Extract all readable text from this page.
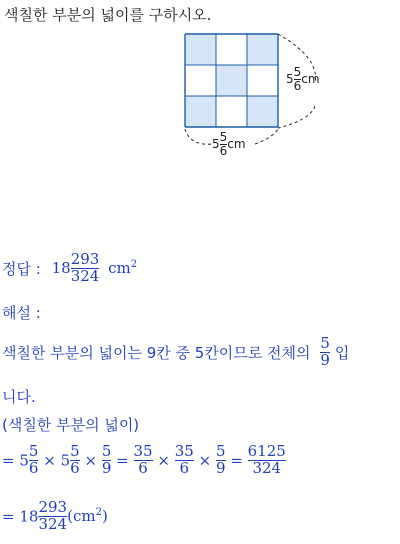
색칠한 부분의 넓이를 구하시오.
$5 \frac{5}{6}$ cm
$5 \frac{5}{6}$ cm
정답 : $18 \frac{293}{324} cm^2$
해설 :
색칠한 부분의 넓이는 9칸 중 5칸이므로 전체의 $\frac{5}{9}$ 입
니다.
(색칠한 부분의 넓이)
= $5 \frac{5}{6} \times 5 \frac{5}{6} \times \frac{5}{9} = \frac{35}{6} \times \frac{35}{6} \times \frac{5}{9} = \frac{6125}{324}$
= $18 \frac{293}{324} (cm^2)$
